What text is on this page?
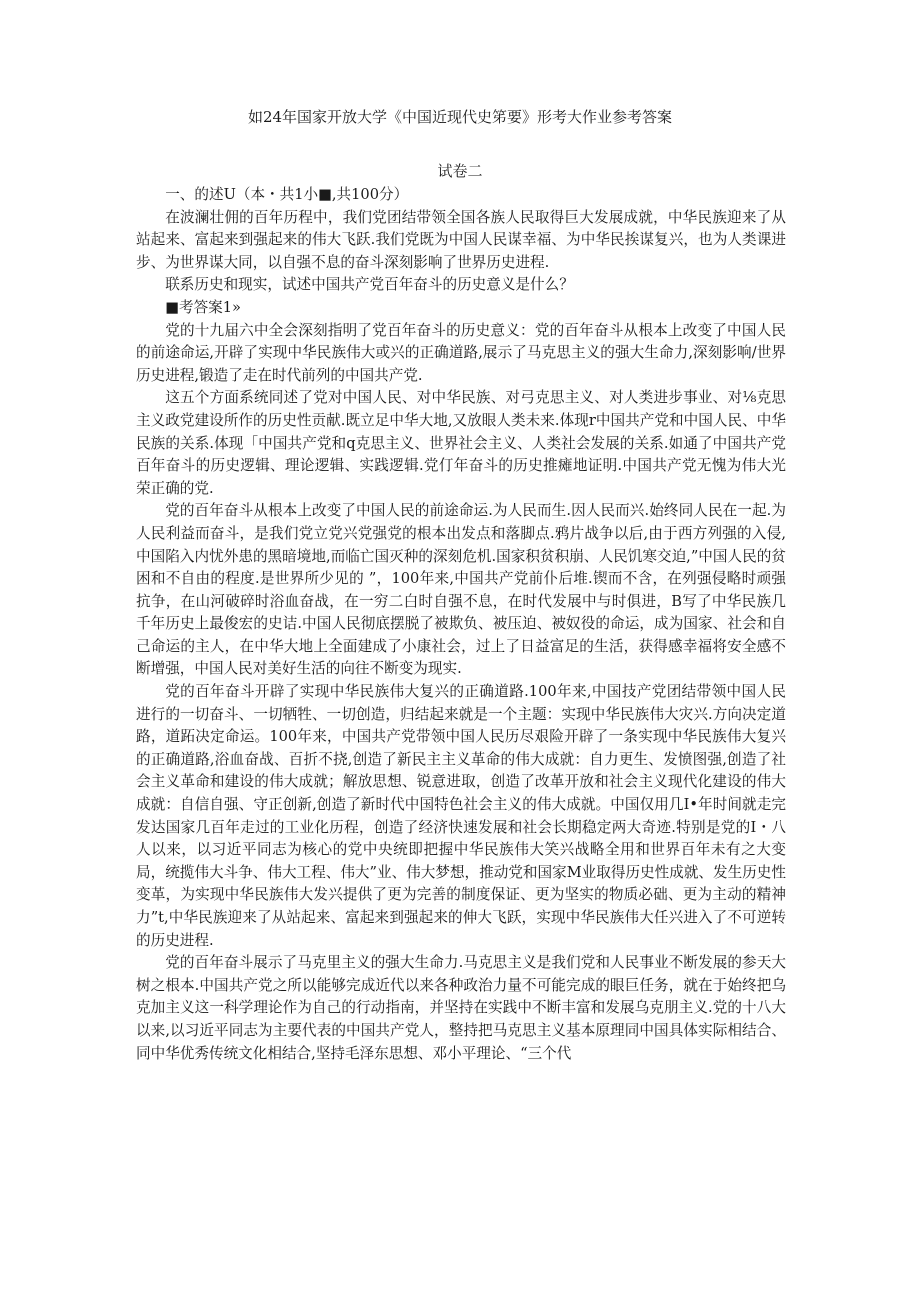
如24年国家开放大学《中国近现代史笫要》形考大作业参考答案
试卷二

一、的述U（本・共1小■,共100分）

在波澜壮佣的百年历程中，我们党团结带领全国各族人民取得巨大发展成就，中华民族迎来了从站起来、富起来到强起来的伟大飞跃.我们党既为中国人民谋幸福、为中华民挨谋复兴，也为人类课进步、为世界谋大同，以自强不息的奋斗深刻影响了世界历史进程.

联系历史和现实，试述中国共产党百年奋斗的历史意义是什么？

■考答案1»

党的十九届六中全会深刻指明了党百年奋斗的历史意义：党的百年奋斗从根本上改变了中国人民的前途命运,开辟了实现中华民族伟大或兴的正确道路,展示了马克思主义的强大生命力,深刻影响/世界历史进程,锻造了走在时代前列的中国共产党.

这五个方面系统同述了党对中国人民、对中华民族、对弓克思主义、对人类进步事业、对⅛克思主义政党建设所作的历史性贡献.既立足中华大地,又放眼人类未来.体现r中国共产党和中国人民、中华民族的关系.体现「中国共产党和q克思主义、世界社会主义、人类社会发展的关系.如通了中国共产党百年奋斗的历史逻辑、理论逻辑、实践逻辑.党仃年奋斗的历史推瘫地证明.中国共产党无愧为伟大光荣正确的党.

党的百年奋斗从根本上改变了中国人民的前途命运.为人民而生.因人民而兴.始终同人民在一起.为人民利益而奋斗，是我们党立党兴党强党的根本出发点和落脚点.鸦片战争以后,由于西方列强的入侵,中国陷入内忧外患的黑暗境地,而临亡国灭种的深刻危机.国家积贫积崩、人民饥寒交迫,”中国人民的贫困和不自由的程度.是世界所少见的 ”，100年来,中国共产党前仆后堆.锲而不含，在列强侵略时顽强抗争，在山河破碎时浴血奋战，在一穷二白时自强不息，在时代发展中与时俱进，B写了中华民族几千年历史上最俊宏的史诘.中国人民彻底摆脱了被欺负、被压迫、被奴役的命运，成为国家、社会和自己命运的主人，在中华大地上全面建成了小康社会，过上了日益富足的生活，获得感幸福将安全感不断增强，中国人民对美好生活的向往不断变为现实.

党的百年奋斗开辟了实现中华民族伟大复兴的正确道路.100年来,中国技产党团结带领中国人民进行的一切奋斗、一切牺牲、一切创造，归结起来就是一个主题：实现中华民族伟大灾兴.方向决定道路，道跖决定命运。100年来，中国共产党带领中国人民历尽艰险开辟了一条实现中华民族伟大复兴的正确道路,浴血奋战、百折不挠,创造了新民主主义革命的伟大成就：自力更生、发愤图强,创造了社会主义革命和建设的伟大成就；解放思想、锐意进取，创造了改革开放和社会主义现代化建设的伟大成就：自信自强、守正创新,创造了新时代中国特色社会主义的伟大成就。中国仅用几I•年时间就走完发达国家几百年走过的工业化历程，创造了经济快速发展和社会长期稳定两大奇迹.特别是党的I・八人以来，以习近平同志为核心的党中央统即把握中华民族伟大笑兴战略全用和世界百年未有之大变局，统揽伟大斗争、伟大工程、伟大”业、伟大梦想，推动党和国家M业取得历史性成就、发生历史性变革，为实现中华民族伟大发兴提供了更为完善的制度保证、更为坚实的物质必础、更为主动的精神力”t,中华民族迎来了从站起来、富起来到强起来的伸大飞跃，实现中华民族伟大任兴进入了不可逆转的历史进程.

党的百年奋斗展示了马克里主义的强大生命力.马克思主义是我们党和人民事业不断发展的参天大树之根本.中国共产党之所以能够完成近代以来各种政治力量不可能完成的眼巨任务，就在于始终把乌克加主义这一科学理论作为自己的行动指南，并坚持在实践中不断丰富和发展乌克朋主义.党的十八大以来,以习近平同志为主要代表的中国共产党人，整持把马克思主义基本原理同中国具体实际相结合、同中华优秀传统文化相结合,坚持毛泽东思想、邓小平理论、“三个代
